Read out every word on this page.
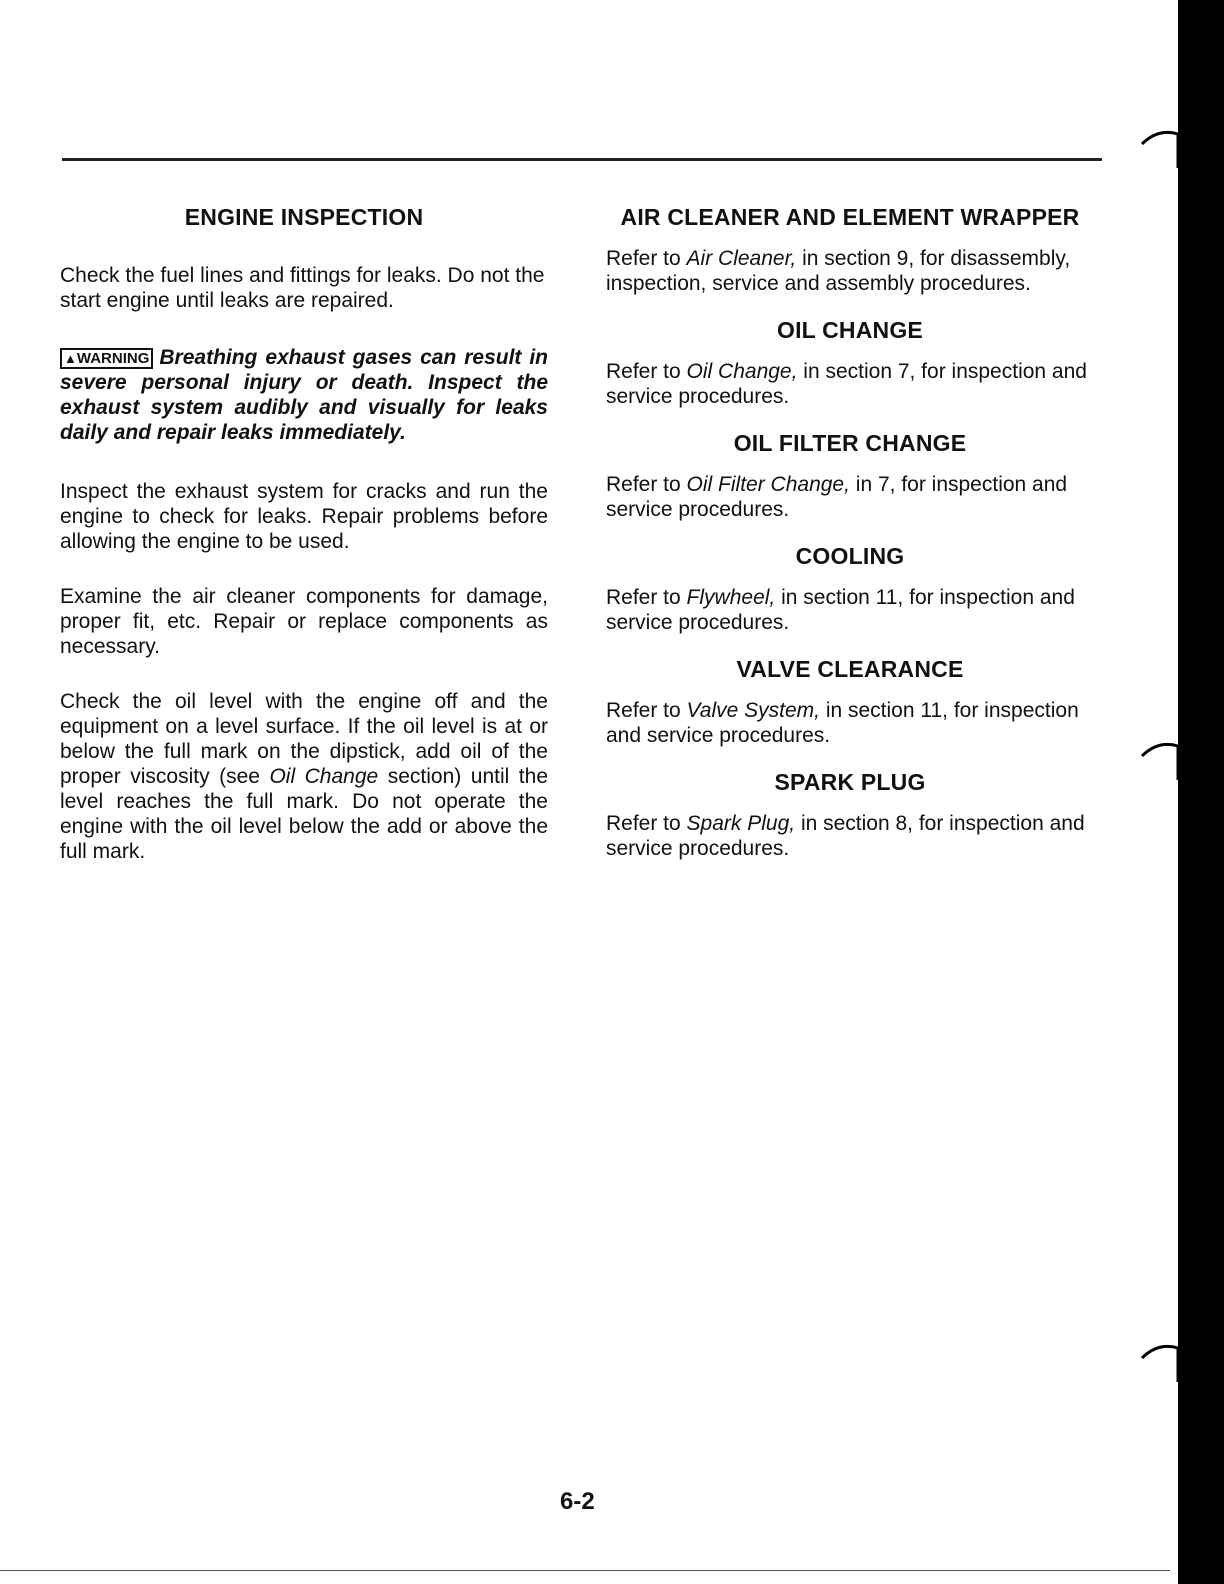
ENGINE INSPECTION

Check the fuel lines and fittings for leaks. Do not the start engine until leaks are repaired.

▲WARNING Breathing exhaust gases can result in severe personal injury or death. Inspect the exhaust system audibly and visually for leaks daily and repair leaks immediately.

Inspect the exhaust system for cracks and run the engine to check for leaks. Repair problems before allowing the engine to be used.

Examine the air cleaner components for damage, proper fit, etc. Repair or replace components as necessary.

Check the oil level with the engine off and the equipment on a level surface. If the oil level is at or below the full mark on the dipstick, add oil of the proper viscosity (see Oil Change section) until the level reaches the full mark. Do not operate the engine with the oil level below the add or above the full mark.

AIR CLEANER AND ELEMENT WRAPPER

Refer to Air Cleaner, in section 9, for disassembly, inspection, service and assembly procedures.

OIL CHANGE

Refer to Oil Change, in section 7, for inspection and service procedures.

OIL FILTER CHANGE

Refer to Oil Filter Change, in 7, for inspection and service procedures.

COOLING

Refer to Flywheel, in section 11, for inspection and service procedures.

VALVE CLEARANCE

Refer to Valve System, in section 11, for inspection and service procedures.

SPARK PLUG

Refer to Spark Plug, in section 8, for inspection and service procedures.

6-2
